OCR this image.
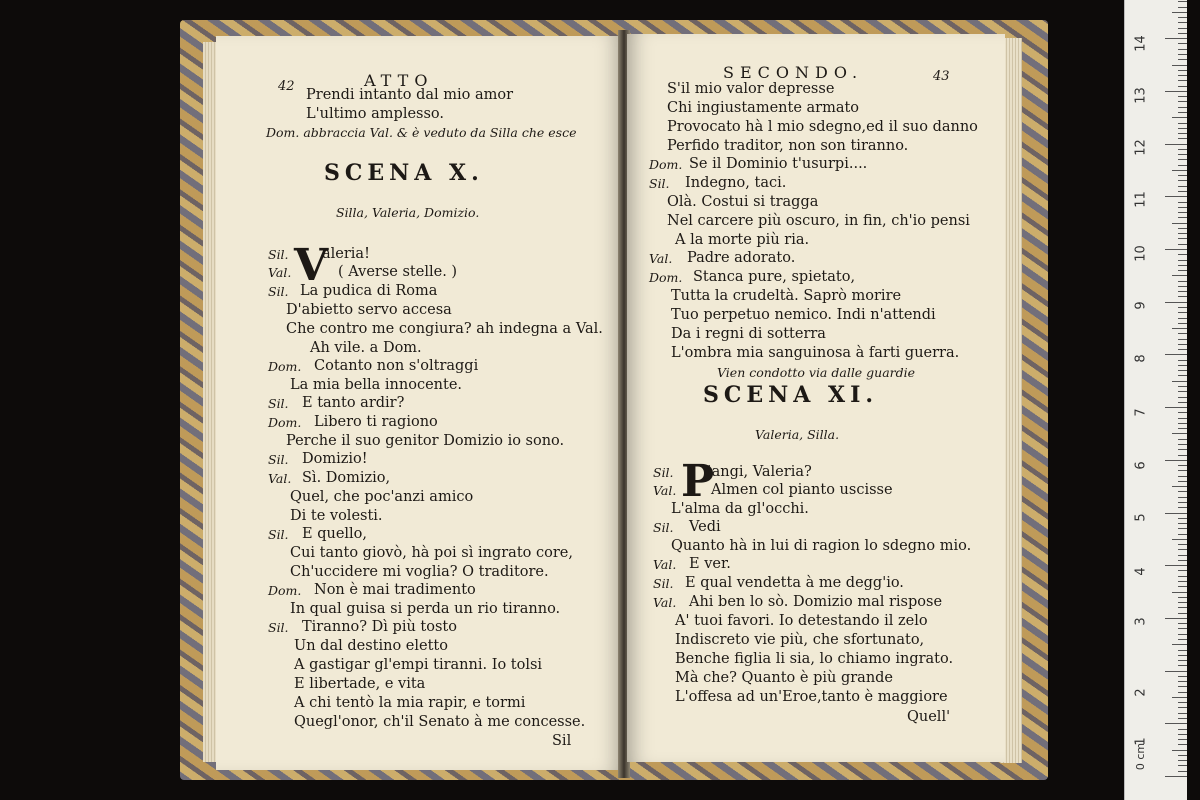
42	ATTO
Prendi intanto dal mio amor
L'ultimo amplesso.
Dom. abbraccia Val. & è veduto da Silla che esce
SCENA X.
Silla, Valeria, Domizio.
V
Sil. aleria!
Val.	( Averse stelle. )
Sil. La pudica di Roma
D'abietto servo accesa
Che contro me congiura? ah indegna a Val.
Ah vile. a Dom.
Dom. Cotanto non s'oltraggi
La mia bella innocente.
Sil. E tanto ardir?
Dom. Libero ti ragiono
Perche il suo genitor Domizio io sono.
Sil. Domizio!
Val. Sì. Domizio,
Quel, che poc'anzi amico
Di te volesti.
Sil. E quello,
Cui tanto giovò, hà poi sì ingrato core,
Ch'uccidere mi voglia? O traditore.
Dom. Non è mai tradimento
In qual guisa si perda un rio tiranno.
Sil. Tiranno? Dì più tosto
Un dal destino eletto
A gastigar gl'empi tiranni. Io tolsi
E libertade, e vita
A chi tentò la mia rapir, e tormi
Quegl'onor, ch'il Senato à me concesse.
Sil
SECONDO.	43
S'il mio valor depresse
Chi ingiustamente armato
Provocato hà l mio sdegno,ed il suo danno
Perfido traditor, non son tiranno.
Dom. Se il Dominio t'usurpi....
Sil. Indegno, taci.
Olà. Costui si tragga
Nel carcere più oscuro, in fin, ch'io pensi
A la morte più ria.
Val. Padre adorato.
Dom. Stanca pure, spietato,
Tutta la crudeltà. Saprò morire
Tuo perpetuo nemico. Indi n'attendi
Da i regni di sotterra
L'ombra mia sanguinosa à farti guerra.
Vien condotto via dalle guardie
SCENA XI.
Valeria, Silla.
P
Sil. iangi, Valeria?
Val. Almen col pianto uscisse
L'alma da gl'occhi.
Sil. Vedi
Quanto hà in lui di ragion lo sdegno mio.
Val. E ver.
Sil. E qual vendetta à me degg'io.
Val. Ahi ben lo sò. Domizio mal rispose
A' tuoi favori. Io detestando il zelo
Indiscreto vie più, che sfortunato,
Benche figlia li sia, lo chiamo ingrato.
Mà che? Quanto è più grande
L'offesa ad un'Eroe,tanto è maggiore
Quell'
0 cm
1
2
3
4
5
6
7
8
9
10
11
12
13
14
